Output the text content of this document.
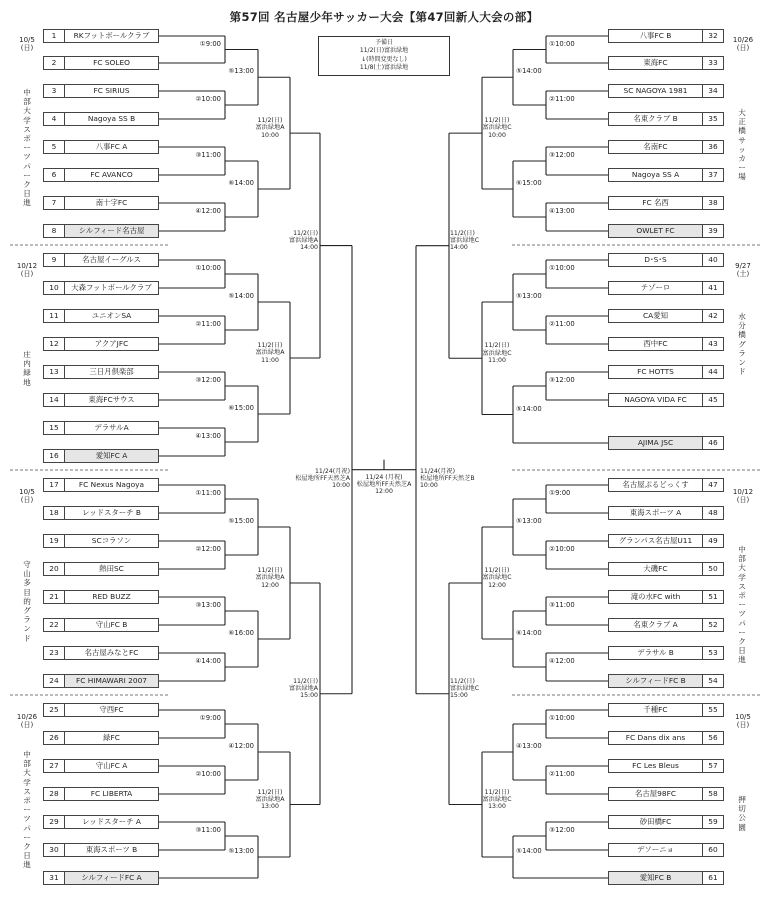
第57回 名古屋少年サッカー大会【第47回新人大会の部】
予備日
11/2(日)富浜緑地
↓(時間変更なし)
11/8(土)富浜緑地
1	RKフットボールクラブ
2	FC SOLEO
3	FC SIRIUS
4	Nagoya SS B
5	八事FC A
6	FC AVANCO
7	南十字FC
8	シルフィード名古屋
9	名古屋イーグルス
10	大森フットボールクラブ
11	ユニオンSA
12	アクアJFC
13	三日月倶楽部
14	東海FCサウス
15	デラサルA
16	愛知FC A
17	FC Nexus Nagoya
18	レッドスターチ B
19	SCコラソン
20	熱田SC
21	RED BUZZ
22	守山FC B
23	名古屋みなとFC
24	FC HIMAWARI 2007
25	守西FC
26	緑FC
27	守山FC A
28	FC LIBERTA
29	レッドスターチ A
30	東海スポーツ B
31	シルフィードFC A
32
八事FC B
33
東海FC
34
SC NAGOYA 1981
35
名東クラブ B
36
名南FC
37
Nagoya SS A
38
FC 名西
39
OWLET FC
40
D･S･S
41
テゾーロ
42
CA愛知
43
西中FC
44
FC HOTTS
45
NAGOYA VIDA FC
46
AJIMA JSC
47
名古屋ぷるどっくす
48
東海スポーツ A
49
グランパス名古屋U11
50
大磯FC
51
滝の水FC with
52
名東クラブ A
53
デラサル B
54
シルフィードFC B
55
千種FC
56
FC Dans dix ans
57
FC Les Bleus
58
名古屋98FC
59
砂田橋FC
60
デソーニョ
61
愛知FC B
①9:00
⑤13:00
②10:00
③11:00
⑥14:00
④12:00
①10:00
⑤14:00
②11:00
③12:00
⑥15:00
④13:00
①11:00
⑤15:00
②12:00
③13:00
⑥16:00
④14:00
①9:00
④12:00
②10:00
③11:00
⑤13:00
①10:00
⑤14:00
②11:00
③12:00
⑥15:00
④13:00
①10:00
⑤13:00
②11:00
③12:00
⑤14:00
①9:00
⑤13:00
②10:00
③11:00
⑥14:00
④12:00
①10:00
④13:00
②11:00
③12:00
⑤14:00
11/2(日)
富浜緑地A
10:00
11/2(日)
富浜緑地A
14:00
11/2(日)
富浜緑地A
11:00
11/24(月祝)
松屋地所FF天然芝A
10:00
11/2(日)
富浜緑地A
12:00
11/2(日)
富浜緑地A
15:00
11/2(日)
富浜緑地A
13:00
11/2(日)
富浜緑地C
10:00
11/2(日)
富浜緑地C
14:00
11/2(日)
富浜緑地C
11:00
11/24(月祝)
松屋地所FF天然芝B
10:00
11/2(日)
富浜緑地C
12:00
11/2(日)
富浜緑地C
15:00
11/2(日)
富浜緑地C
13:00
11/24 (月祝)
松屋地所FF天然芝A
12:00
中部大学スポーツパーク日進
庄内緑地
守山多目的グランド
中部大学スポーツパーク日進
10/5
(日)
10/12
(日)
10/5
(日)
10/26
(日)
大正橋サッカー場
水分橋グランド
中部大学スポーツパーク日進
押切公園
10/26
(日)
9/27
(土)
10/12
(日)
10/5
(日)
